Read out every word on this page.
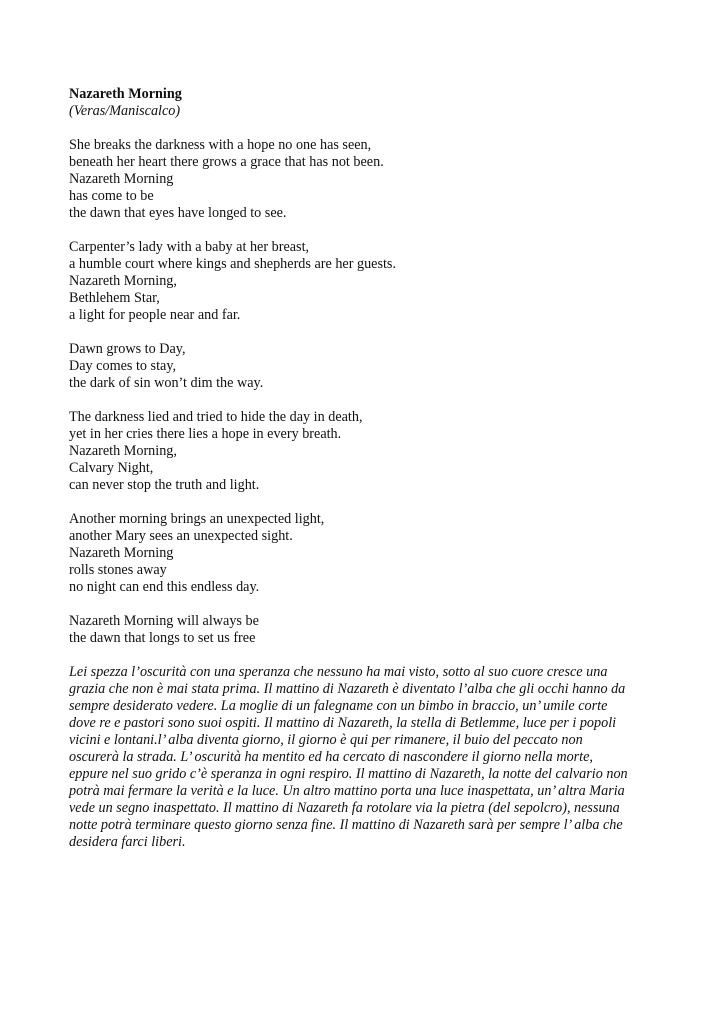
Nazareth Morning

(Veras/Maniscalco)

She breaks the darkness with a hope no one has seen,
beneath her heart there grows a grace that has not been.
Nazareth Morning
has come to be
the dawn that eyes have longed to see.
Carpenter’s lady with a baby at her breast,
a humble court where kings and shepherds are her guests.
Nazareth Morning,
Bethlehem Star,
a light for people near and far.
Dawn grows to Day,
Day comes to stay,
the dark of sin won’t dim the way.
The darkness lied and tried to hide the day in death,
yet in her cries there lies a hope in every breath.
Nazareth Morning,
Calvary Night,
can never stop the truth and light.
Another morning brings an unexpected light,
another Mary sees an unexpected sight.
Nazareth Morning
rolls stones away
no night can end this endless day.
Nazareth Morning will always be
the dawn that longs to set us free
Lei spezza l’oscurità con una speranza che nessuno ha mai visto, sotto al suo cuore cresce una
grazia che non è mai stata prima. Il mattino di Nazareth è diventato l’alba che gli occhi hanno da
sempre desiderato vedere. La moglie di un falegname con un bimbo in braccio, un’ umile corte
dove re e pastori sono suoi ospiti. Il mattino di Nazareth, la stella di Betlemme, luce per i popoli
vicini e lontani.l’ alba diventa giorno, il giorno è qui per rimanere, il buio del peccato non
oscurerà la strada. L’ oscurità ha mentito ed ha cercato di nascondere il giorno nella morte,
eppure nel suo grido c’è speranza in ogni respiro. Il mattino di Nazareth, la notte del calvario non
potrà mai fermare la verità e la luce. Un altro mattino porta una luce inaspettata, un’ altra Maria
vede un segno inaspettato. Il mattino di Nazareth fa rotolare via la pietra (del sepolcro), nessuna
notte potrà terminare questo giorno senza fine. Il mattino di Nazareth sarà per sempre l’ alba che
desidera farci liberi.
